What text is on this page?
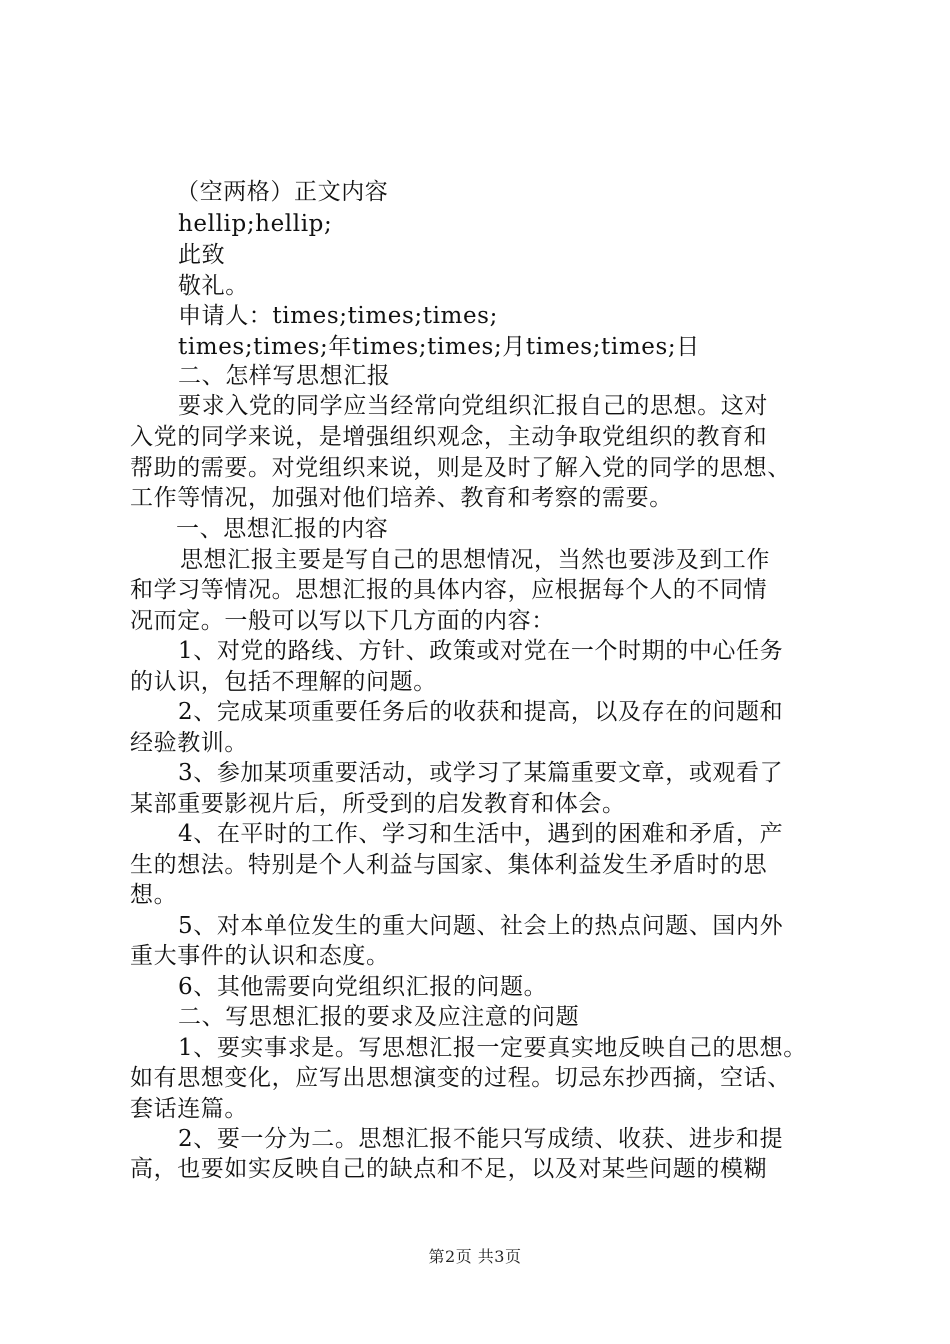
（空两格）正文内容
hellip;hellip;
此致
敬礼。
申请人：times;times;times;
times;times;年times;times;月times;times;日
二、怎样写思想汇报
要求入党的同学应当经常向党组织汇报自己的思想。这对
入党的同学来说，是增强组织观念，主动争取党组织的教育和
帮助的需要。对党组织来说，则是及时了解入党的同学的思想、
工作等情况，加强对他们培养、教育和考察的需要。
一、思想汇报的内容
思想汇报主要是写自己的思想情况，当然也要涉及到工作
和学习等情况。思想汇报的具体内容，应根据每个人的不同情
况而定。一般可以写以下几方面的内容：
1、对党的路线、方针、政策或对党在一个时期的中心任务
的认识，包括不理解的问题。
2、完成某项重要任务后的收获和提高，以及存在的问题和
经验教训。
3、参加某项重要活动，或学习了某篇重要文章，或观看了
某部重要影视片后，所受到的启发教育和体会。
4、在平时的工作、学习和生活中，遇到的困难和矛盾，产
生的想法。特别是个人利益与国家、集体利益发生矛盾时的思
想。
5、对本单位发生的重大问题、社会上的热点问题、国内外
重大事件的认识和态度。
6、其他需要向党组织汇报的问题。
二、写思想汇报的要求及应注意的问题
1、要实事求是。写思想汇报一定要真实地反映自己的思想。
如有思想变化，应写出思想演变的过程。切忌东抄西摘，空话、
套话连篇。
2、要一分为二。思想汇报不能只写成绩、收获、进步和提
高，也要如实反映自己的缺点和不足，以及对某些问题的模糊
第2页 共3页
